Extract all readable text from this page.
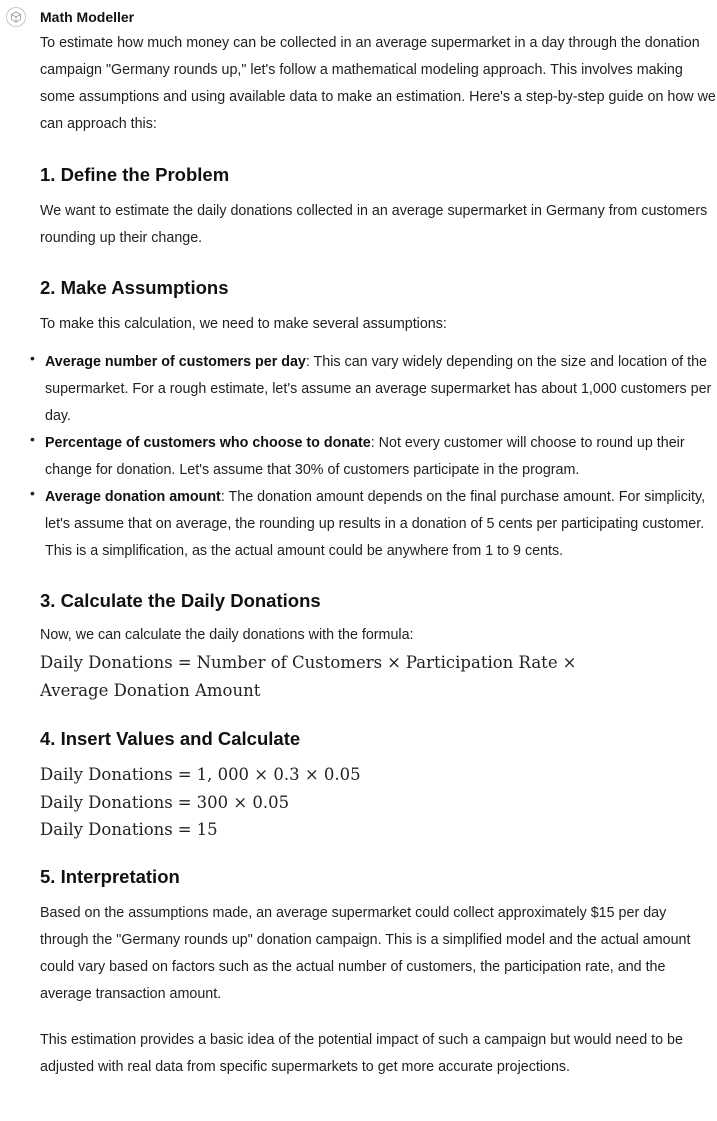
Math Modeller

To estimate how much money can be collected in an average supermarket in a day through the donation campaign "Germany rounds up," let's follow a mathematical modeling approach. This involves making some assumptions and using available data to make an estimation. Here's a step-by-step guide on how we can approach this:

1. Define the Problem

We want to estimate the daily donations collected in an average supermarket in Germany from customers rounding up their change.

2. Make Assumptions

To make this calculation, we need to make several assumptions:

• Average number of customers per day: This can vary widely depending on the size and location of the supermarket. For a rough estimate, let's assume an average supermarket has about 1,000 customers per day.
• Percentage of customers who choose to donate: Not every customer will choose to round up their change for donation. Let's assume that 30% of customers participate in the program.
• Average donation amount: The donation amount depends on the final purchase amount. For simplicity, let's assume that on average, the rounding up results in a donation of 5 cents per participating customer. This is a simplification, as the actual amount could be anywhere from 1 to 9 cents.
3. Calculate the Daily Donations

Now, we can calculate the daily donations with the formula:

Daily Donations = Number of Customers × Participation Rate ×
Average Donation Amount
4. Insert Values and Calculate
Daily Donations = 1, 000 × 0.3 × 0.05
Daily Donations = 300 × 0.05
Daily Donations = 15
5. Interpretation

Based on the assumptions made, an average supermarket could collect approximately $15 per day through the "Germany rounds up" donation campaign. This is a simplified model and the actual amount could vary based on factors such as the actual number of customers, the participation rate, and the average transaction amount.

This estimation provides a basic idea of the potential impact of such a campaign but would need to be adjusted with real data from specific supermarkets to get more accurate projections.
